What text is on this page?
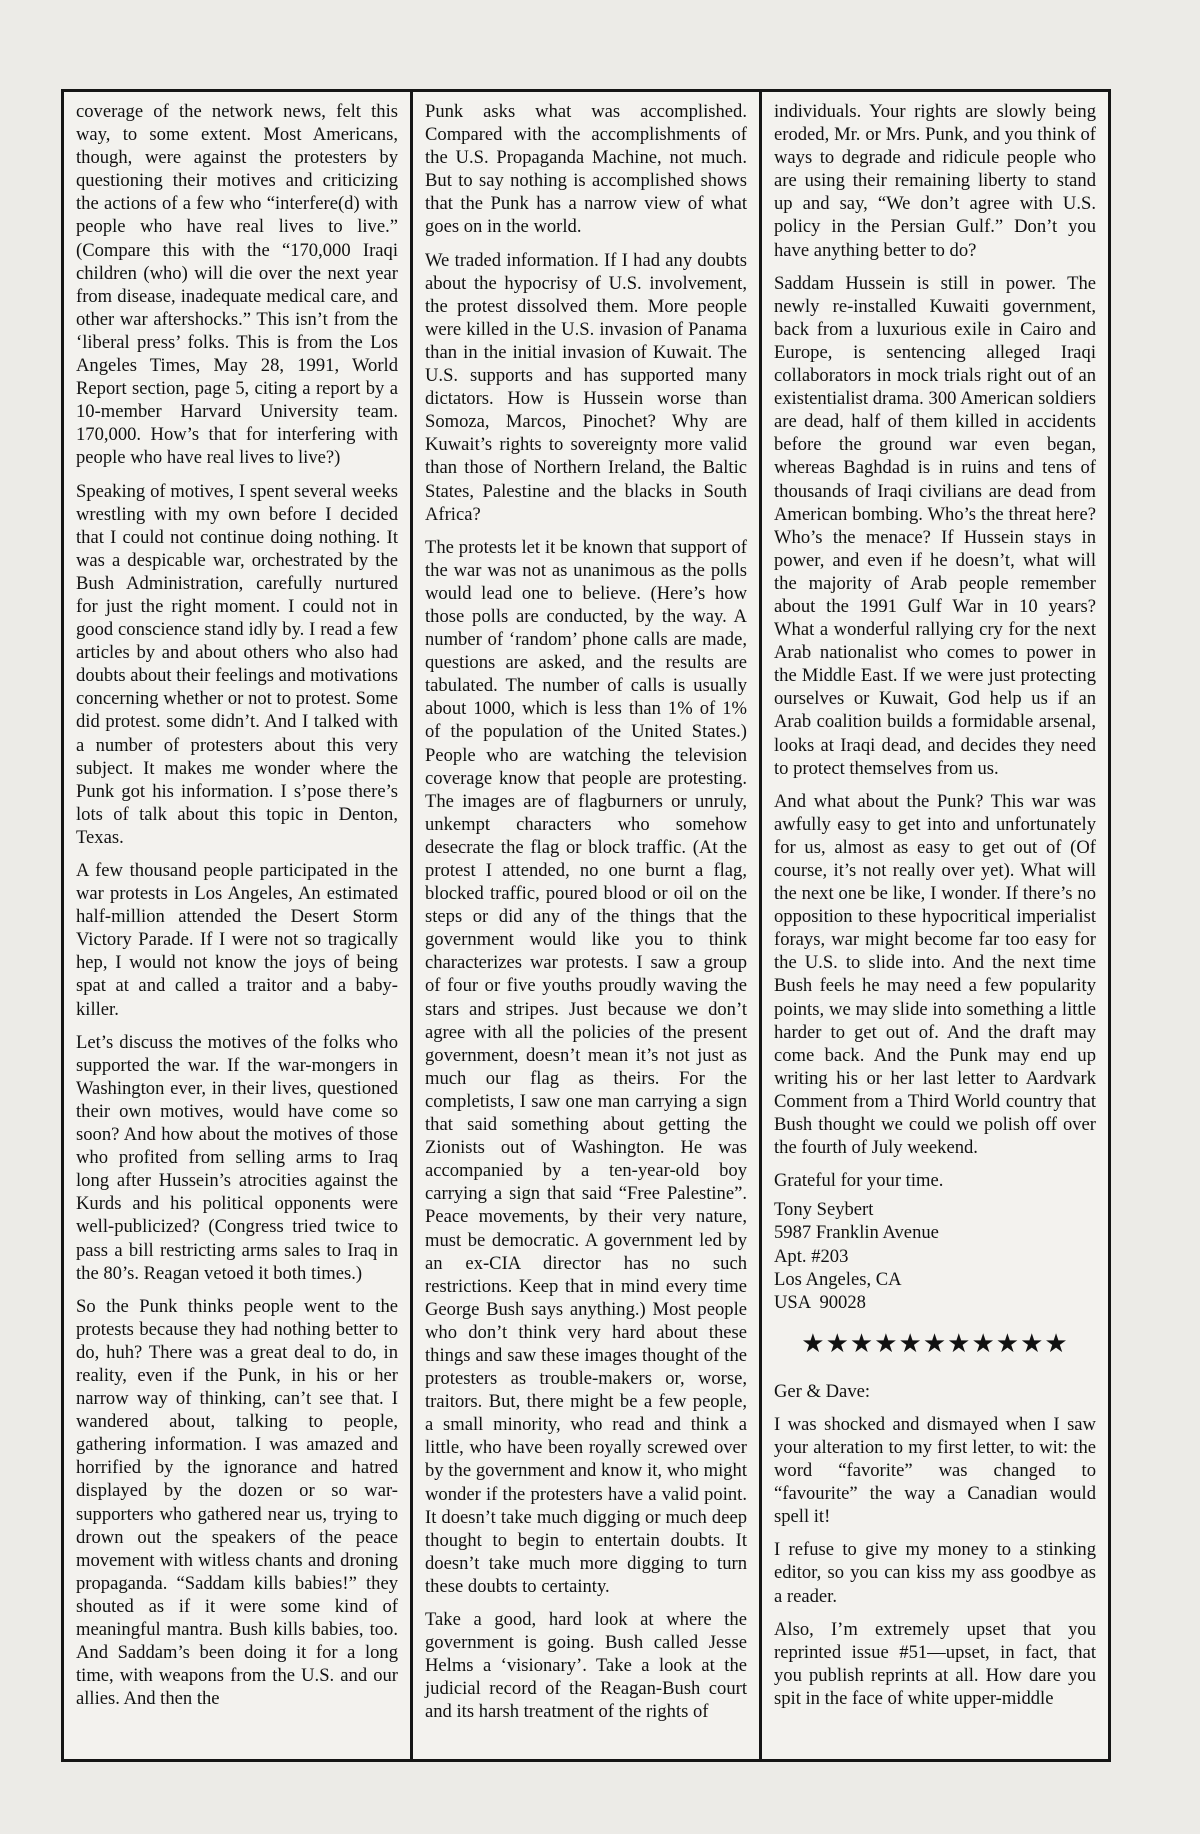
coverage of the network news, felt this way, to some extent. Most Americans, though, were against the protesters by questioning their motives and criticizing the actions of a few who “interfere(d) with people who have real lives to live.” (Compare this with the “170,000 Iraqi children (who) will die over the next year from disease, inadequate medical care, and other war aftershocks.” This isn’t from the ‘liberal press’ folks. This is from the Los Angeles Times, May 28, 1991, World Report section, page 5, citing a report by a 10-member Harvard University team. 170,000. How’s that for interfering with people who have real lives to live?)

Speaking of motives, I spent several weeks wrestling with my own before I decided that I could not continue doing nothing. It was a despicable war, orchestrated by the Bush Administration, carefully nurtured for just the right moment. I could not in good conscience stand idly by. I read a few articles by and about others who also had doubts about their feelings and motivations concerning whether or not to protest. Some did protest. some didn’t. And I talked with a number of protesters about this very subject. It makes me wonder where the Punk got his information. I s’pose there’s lots of talk about this topic in Denton, Texas.

A few thousand people participated in the war protests in Los Angeles, An estimated half-million attended the Desert Storm Victory Parade. If I were not so tragically hep, I would not know the joys of being spat at and called a traitor and a baby-killer.

Let’s discuss the motives of the folks who supported the war. If the war-mongers in Washington ever, in their lives, questioned their own motives, would have come so soon? And how about the motives of those who profited from selling arms to Iraq long after Hussein’s atrocities against the Kurds and his political opponents were well-publicized? (Congress tried twice to pass a bill restricting arms sales to Iraq in the 80’s. Reagan vetoed it both times.)

So the Punk thinks people went to the protests because they had nothing better to do, huh? There was a great deal to do, in reality, even if the Punk, in his or her narrow way of thinking, can’t see that. I wandered about, talking to people, gathering information. I was amazed and horrified by the ignorance and hatred displayed by the dozen or so war-supporters who gathered near us, trying to drown out the speakers of the peace movement with witless chants and droning propaganda. “Saddam kills babies!” they shouted as if it were some kind of meaningful mantra. Bush kills babies, too. And Saddam’s been doing it for a long time, with weapons from the U.S. and our allies. And then the

Punk asks what was accomplished. Compared with the accomplishments of the U.S. Propaganda Machine, not much. But to say nothing is accomplished shows that the Punk has a narrow view of what goes on in the world.

We traded information. If I had any doubts about the hypocrisy of U.S. involvement, the protest dissolved them. More people were killed in the U.S. invasion of Panama than in the initial invasion of Kuwait. The U.S. supports and has supported many dictators. How is Hussein worse than Somoza, Marcos, Pinochet? Why are Kuwait’s rights to sovereignty more valid than those of Northern Ireland, the Baltic States, Palestine and the blacks in South Africa?

The protests let it be known that support of the war was not as unanimous as the polls would lead one to believe. (Here’s how those polls are conducted, by the way. A number of ‘random’ phone calls are made, questions are asked, and the results are tabulated. The number of calls is usually about 1000, which is less than 1% of 1% of the population of the United States.) People who are watching the television coverage know that people are protesting. The images are of flagburners or unruly, unkempt characters who somehow desecrate the flag or block traffic. (At the protest I attended, no one burnt a flag, blocked traffic, poured blood or oil on the steps or did any of the things that the government would like you to think characterizes war protests. I saw a group of four or five youths proudly waving the stars and stripes. Just because we don’t agree with all the policies of the present government, doesn’t mean it’s not just as much our flag as theirs. For the completists, I saw one man carrying a sign that said something about getting the Zionists out of Washington. He was accompanied by a ten-year-old boy carrying a sign that said “Free Palestine”. Peace movements, by their very nature, must be democratic. A government led by an ex-CIA director has no such restrictions. Keep that in mind every time George Bush says anything.) Most people who don’t think very hard about these things and saw these images thought of the protesters as trouble-makers or, worse, traitors. But, there might be a few people, a small minority, who read and think a little, who have been royally screwed over by the government and know it, who might wonder if the protesters have a valid point. It doesn’t take much digging or much deep thought to begin to entertain doubts. It doesn’t take much more digging to turn these doubts to certainty.

Take a good, hard look at where the government is going. Bush called Jesse Helms a ‘visionary’. Take a look at the judicial record of the Reagan-Bush court and its harsh treatment of the rights of

individuals. Your rights are slowly being eroded, Mr. or Mrs. Punk, and you think of ways to degrade and ridicule people who are using their remaining liberty to stand up and say, “We don’t agree with U.S. policy in the Persian Gulf.” Don’t you have anything better to do?

Saddam Hussein is still in power. The newly re-installed Kuwaiti government, back from a luxurious exile in Cairo and Europe, is sentencing alleged Iraqi collaborators in mock trials right out of an existentialist drama. 300 American soldiers are dead, half of them killed in accidents before the ground war even began, whereas Baghdad is in ruins and tens of thousands of Iraqi civilians are dead from American bombing. Who’s the threat here? Who’s the menace? If Hussein stays in power, and even if he doesn’t, what will the majority of Arab people remember about the 1991 Gulf War in 10 years? What a wonderful rallying cry for the next Arab nationalist who comes to power in the Middle East. If we were just protecting ourselves or Kuwait, God help us if an Arab coalition builds a formidable arsenal, looks at Iraqi dead, and decides they need to protect themselves from us.

And what about the Punk? This war was awfully easy to get into and unfortunately for us, almost as easy to get out of (Of course, it’s not really over yet). What will the next one be like, I wonder. If there’s no opposition to these hypocritical imperialist forays, war might become far too easy for the U.S. to slide into. And the next time Bush feels he may need a few popularity points, we may slide into something a little harder to get out of. And the draft may come back. And the Punk may end up writing his or her last letter to Aardvark Comment from a Third World country that Bush thought we could we polish off over the fourth of July weekend.

Grateful for your time.

Tony Seybert
5987 Franklin Avenue
Apt. #203
Los Angeles, CA
USA  90028
★★★★★★★★★★★

Ger & Dave:

I was shocked and dismayed when I saw your alteration to my first letter, to wit: the word “favorite” was changed to “favourite” the way a Canadian would spell it!

I refuse to give my money to a stinking editor, so you can kiss my ass goodbye as a reader.

Also, I’m extremely upset that you reprinted issue #51—upset, in fact, that you publish reprints at all. How dare you spit in the face of white upper-middle
